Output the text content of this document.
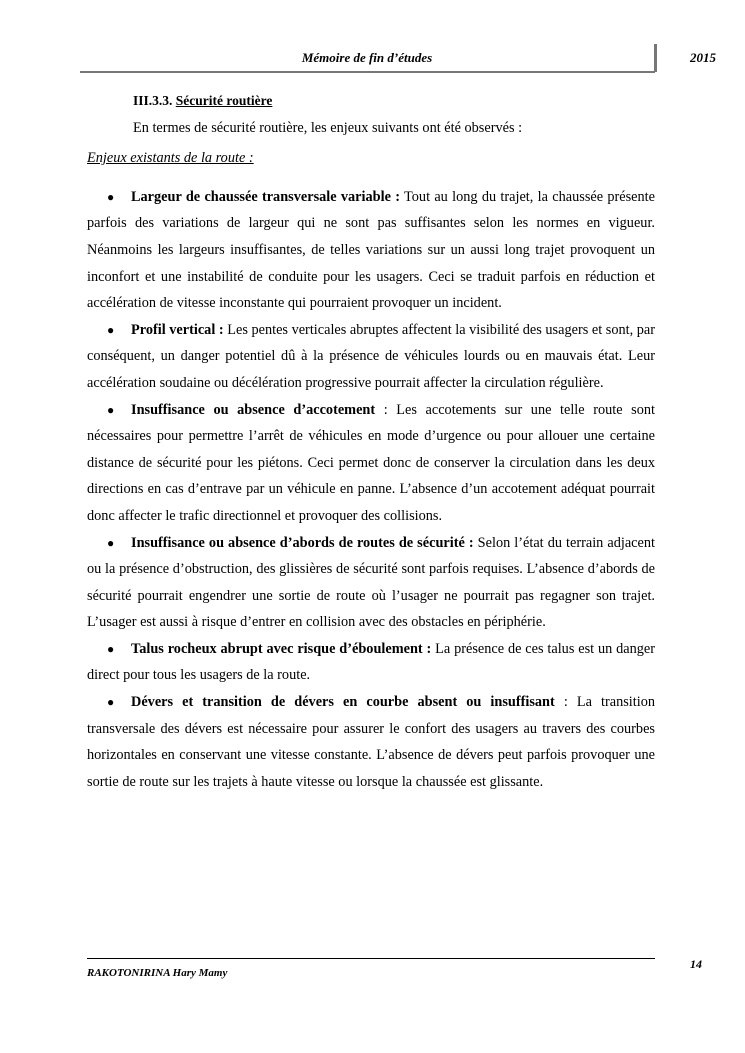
Mémoire de fin d’études	2015

III.3.3. Sécurité routière

En termes de sécurité routière, les enjeux suivants ont été observés :

Enjeux existants de la route :

● Largeur de chaussée transversale variable : Tout au long du trajet, la chaussée présente parfois des variations de largeur qui ne sont pas suffisantes selon les normes en vigueur. Néanmoins les largeurs insuffisantes, de telles variations sur un aussi long trajet provoquent un inconfort et une instabilité de conduite pour les usagers. Ceci se traduit parfois en réduction et accélération de vitesse inconstante qui pourraient provoquer un incident.

● Profil vertical : Les pentes verticales abruptes affectent la visibilité des usagers et sont, par conséquent, un danger potentiel dû à la présence de véhicules lourds ou en mauvais état. Leur accélération soudaine ou décélération progressive pourrait affecter la circulation régulière.

● Insuffisance ou absence d’accotement : Les accotements sur une telle route sont nécessaires pour permettre l’arrêt de véhicules en mode d’urgence ou pour allouer une certaine distance de sécurité pour les piétons. Ceci permet donc de conserver la circulation dans les deux directions en cas d’entrave par un véhicule en panne. L’absence d’un accotement adéquat pourrait donc affecter le trafic directionnel et provoquer des collisions.

● Insuffisance ou absence d’abords de routes de sécurité : Selon l’état du terrain adjacent ou la présence d’obstruction, des glissières de sécurité sont parfois requises. L’absence d’abords de sécurité pourrait engendrer une sortie de route où l’usager ne pourrait pas regagner son trajet. L’usager est aussi à risque d’entrer en collision avec des obstacles en périphérie.

● Talus rocheux abrupt avec risque d’éboulement : La présence de ces talus est un danger direct pour tous les usagers de la route.

● Dévers et transition de dévers en courbe absent ou insuffisant : La transition transversale des dévers est nécessaire pour assurer le confort des usagers au travers des courbes horizontales en conservant une vitesse constante. L’absence de dévers peut parfois provoquer une sortie de route sur les trajets à haute vitesse ou lorsque la chaussée est glissante.

RAKOTONIRINA Hary Mamy
14
